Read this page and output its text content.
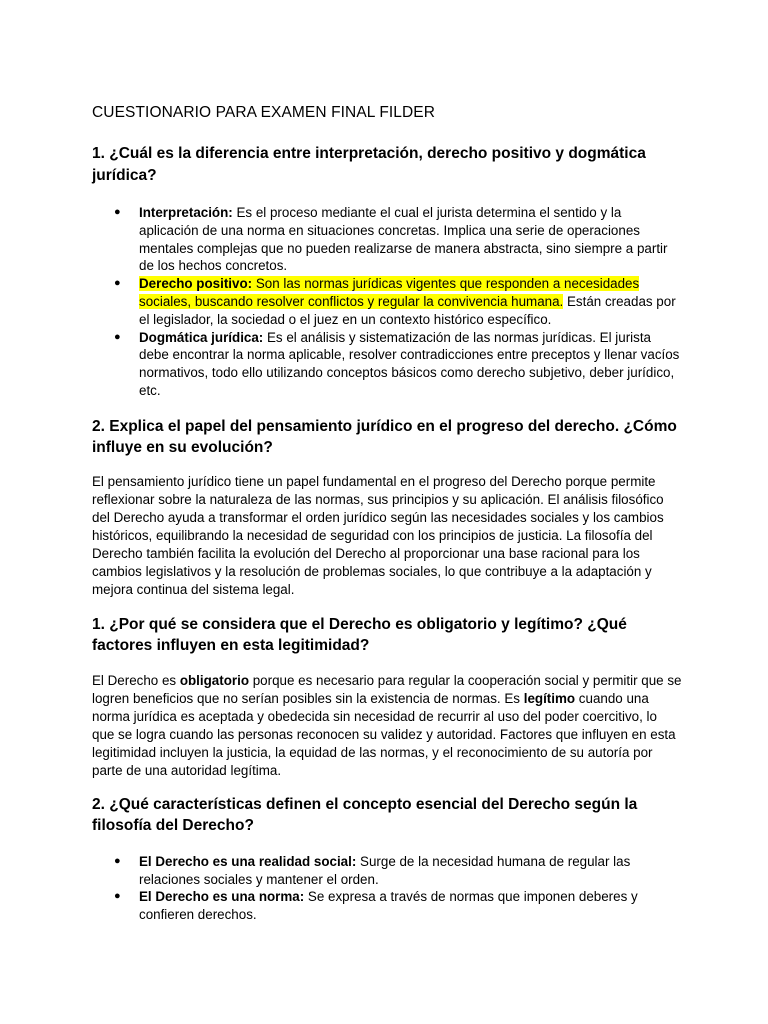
CUESTIONARIO PARA EXAMEN FINAL FILDER
1. ¿Cuál es la diferencia entre interpretación, derecho positivo y dogmática jurídica?
● Interpretación: Es el proceso mediante el cual el jurista determina el sentido y la aplicación de una norma en situaciones concretas. Implica una serie de operaciones mentales complejas que no pueden realizarse de manera abstracta, sino siempre a partir de los hechos concretos.
● Derecho positivo: Son las normas jurídicas vigentes que responden a necesidades sociales, buscando resolver conflictos y regular la convivencia humana. Están creadas por el legislador, la sociedad o el juez en un contexto histórico específico.
● Dogmática jurídica: Es el análisis y sistematización de las normas jurídicas. El jurista debe encontrar la norma aplicable, resolver contradicciones entre preceptos y llenar vacíos normativos, todo ello utilizando conceptos básicos como derecho subjetivo, deber jurídico, etc.
2. Explica el papel del pensamiento jurídico en el progreso del derecho. ¿Cómo influye en su evolución?

El pensamiento jurídico tiene un papel fundamental en el progreso del Derecho porque permite reflexionar sobre la naturaleza de las normas, sus principios y su aplicación. El análisis filosófico del Derecho ayuda a transformar el orden jurídico según las necesidades sociales y los cambios históricos, equilibrando la necesidad de seguridad con los principios de justicia. La filosofía del Derecho también facilita la evolución del Derecho al proporcionar una base racional para los cambios legislativos y la resolución de problemas sociales, lo que contribuye a la adaptación y mejora continua del sistema legal.

1. ¿Por qué se considera que el Derecho es obligatorio y legítimo? ¿Qué factores influyen en esta legitimidad?

El Derecho es obligatorio porque es necesario para regular la cooperación social y permitir que se logren beneficios que no serían posibles sin la existencia de normas. Es legítimo cuando una norma jurídica es aceptada y obedecida sin necesidad de recurrir al uso del poder coercitivo, lo que se logra cuando las personas reconocen su validez y autoridad. Factores que influyen en esta legitimidad incluyen la justicia, la equidad de las normas, y el reconocimiento de su autoría por parte de una autoridad legítima.

2. ¿Qué características definen el concepto esencial del Derecho según la filosofía del Derecho?
● El Derecho es una realidad social: Surge de la necesidad humana de regular las relaciones sociales y mantener el orden.
● El Derecho es una norma: Se expresa a través de normas que imponen deberes y confieren derechos.
